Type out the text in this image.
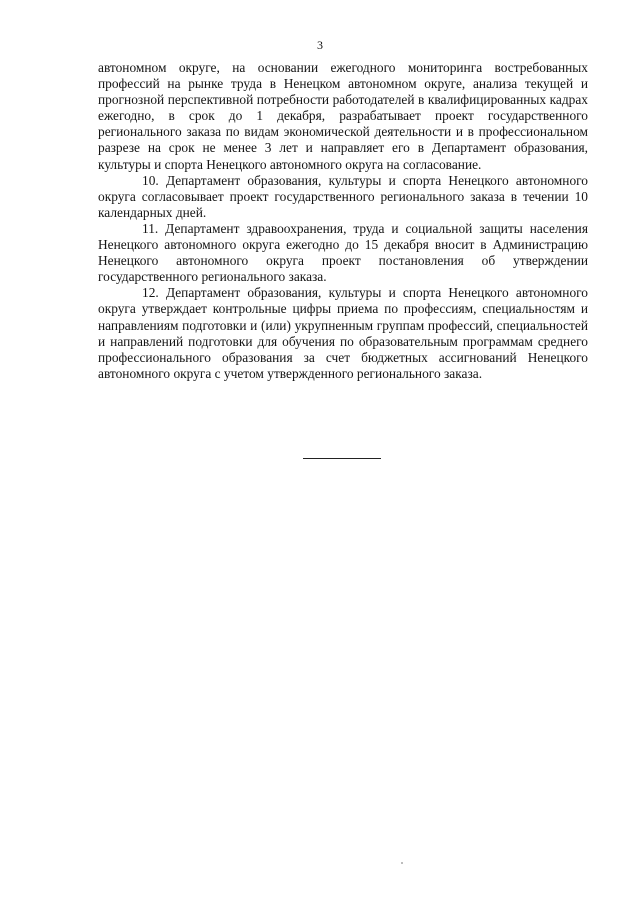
3

автономном округе, на основании ежегодного мониторинга востребованных профессий на рынке труда в Ненецком автономном округе, анализа текущей и прогнозной перспективной потребности работодателей в квалифицированных кадрах ежегодно, в срок до 1 декабря, разрабатывает проект государственного регионального заказа по видам экономической деятельности и в профессиональном разрезе на срок не менее 3 лет и направляет его в Департамент образования, культуры и спорта Ненецкого автономного округа на согласование.

10. Департамент образования, культуры и спорта Ненецкого автономного округа согласовывает проект государственного регионального заказа в течении 10 календарных дней.

11. Департамент здравоохранения, труда и социальной защиты населения Ненецкого автономного округа ежегодно до 15 декабря вносит в Администрацию Ненецкого автономного округа проект постановления об утверждении государственного регионального заказа.

12. Департамент образования, культуры и спорта Ненецкого автономного округа утверждает контрольные цифры приема по профессиям, специальностям и направлениям подготовки и (или) укрупненным группам профессий, специальностей и направлений подготовки для обучения по образовательным программам среднего профессионального образования за счет бюджетных ассигнований Ненецкого автономного округа с учетом утвержденного регионального заказа.
